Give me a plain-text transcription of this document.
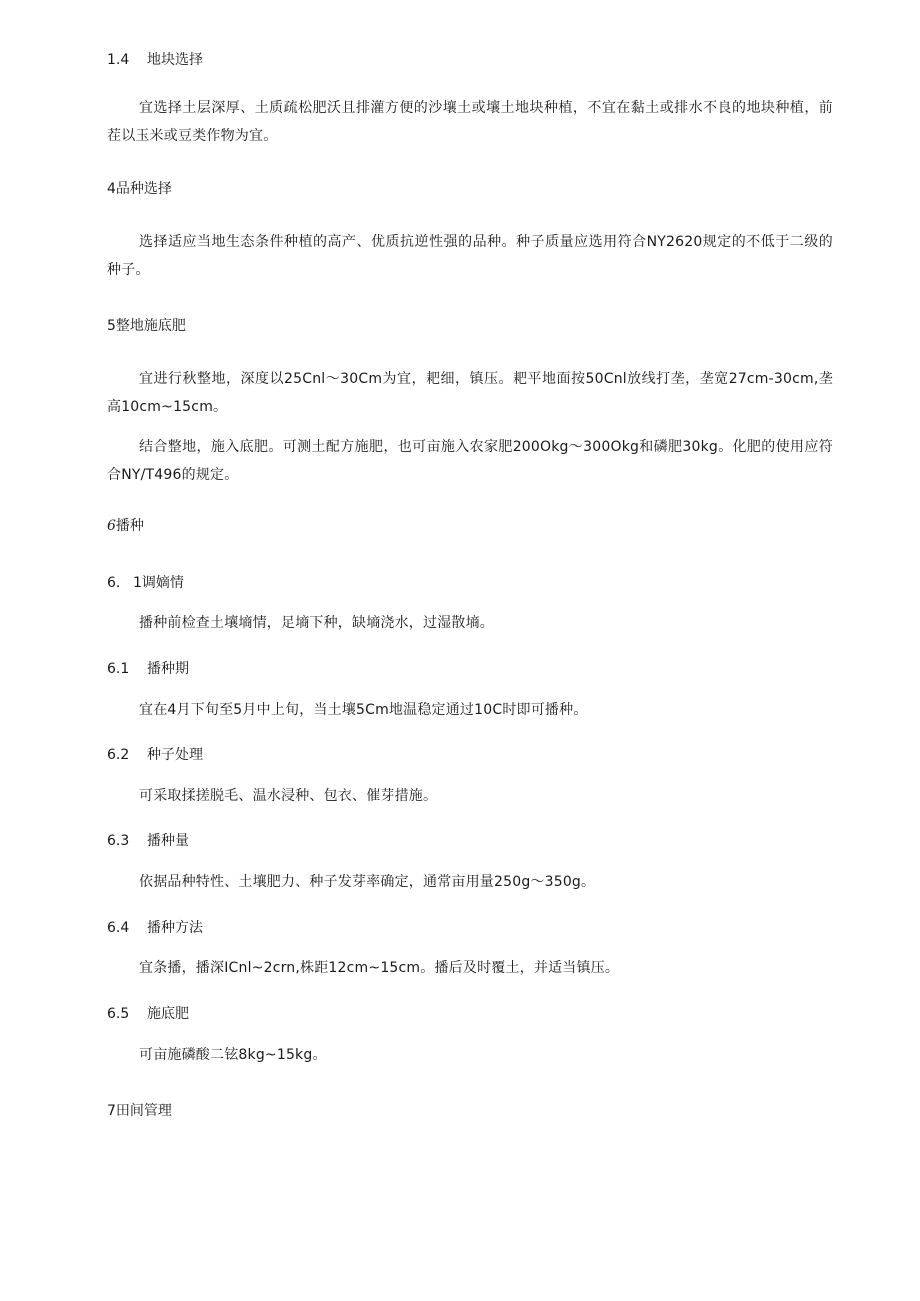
1.4 地块选择
宜选择土层深厚、土质疏松肥沃且排灌方便的沙壤土或壤土地块种植，不宜在黏土或排水不良的地块种植，前茬以玉米或豆类作物为宜。
4品种选择
选择适应当地生态条件种植的高产、优质抗逆性强的品种。种子质量应选用符合NY2620规定的不低于二级的种子。
5整地施底肥
宜进行秋整地，深度以25Cnl～30Cm为宜，耙细，镇压。耙平地面按50Cnl放线打垄，垄宽27cm-30cm,垄高10cm~15cm。
结合整地，施入底肥。可测土配方施肥，也可亩施入农家肥200Okg～300Okg和磷肥30kg。化肥的使用应符合NY/T496的规定。
6播种
6. 1调嫡情
播种前检查土壤墒情，足墒下种，缺墒浇水，过湿散墒。
6.1 播种期
宜在4月下旬至5月中上旬，当土壤5Cm地温稳定通过10C时即可播种。
6.2 种子处理
可采取揉搓脱毛、温水浸种、包衣、催芽措施。
6.3 播种量
依据品种特性、土壤肥力、种子发芽率确定，通常亩用量250g～350g。
6.4 播种方法
宜条播，播深ICnl~2crn,株距12cm~15cm。播后及时覆土，并适当镇压。
6.5 施底肥
可亩施磷酸二铉8kg~15kg。
7田间管理
